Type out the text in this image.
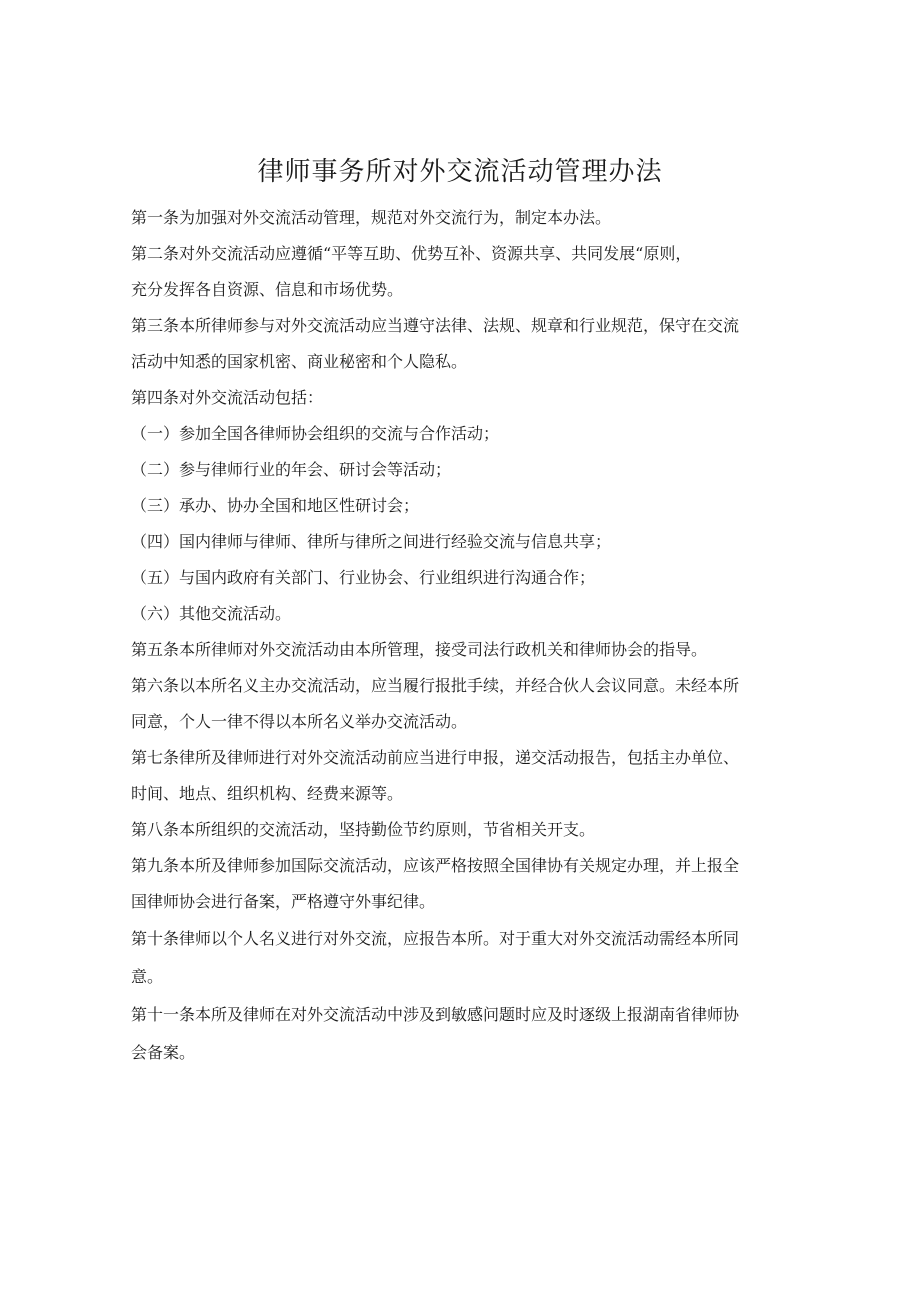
律师事务所对外交流活动管理办法

第一条为加强对外交流活动管理，规范对外交流行为，制定本办法。

第二条对外交流活动应遵循“平等互助、优势互补、资源共享、共同发展“原则，

充分发挥各自资源、信息和市场优势。

第三条本所律师参与对外交流活动应当遵守法律、法规、规章和行业规范，保守在交流

活动中知悉的国家机密、商业秘密和个人隐私。

第四条对外交流活动包括：

（一）参加全国各律师协会组织的交流与合作活动；

（二）参与律师行业的年会、研讨会等活动；

（三）承办、协办全国和地区性研讨会；

（四）国内律师与律师、律所与律所之间进行经验交流与信息共享；

（五）与国内政府有关部门、行业协会、行业组织进行沟通合作；

（六）其他交流活动。

第五条本所律师对外交流活动由本所管理，接受司法行政机关和律师协会的指导。

第六条以本所名义主办交流活动，应当履行报批手续，并经合伙人会议同意。未经本所

同意，个人一律不得以本所名义举办交流活动。

第七条律所及律师进行对外交流活动前应当进行申报，递交活动报告，包括主办单位、

时间、地点、组织机构、经费来源等。

第八条本所组织的交流活动，坚持勤俭节约原则，节省相关开支。

第九条本所及律师参加国际交流活动，应该严格按照全国律协有关规定办理，并上报全

国律师协会进行备案，严格遵守外事纪律。

第十条律师以个人名义进行对外交流，应报告本所。对于重大对外交流活动需经本所同

意。

第十一条本所及律师在对外交流活动中涉及到敏感问题时应及时逐级上报湖南省律师协

会备案。
